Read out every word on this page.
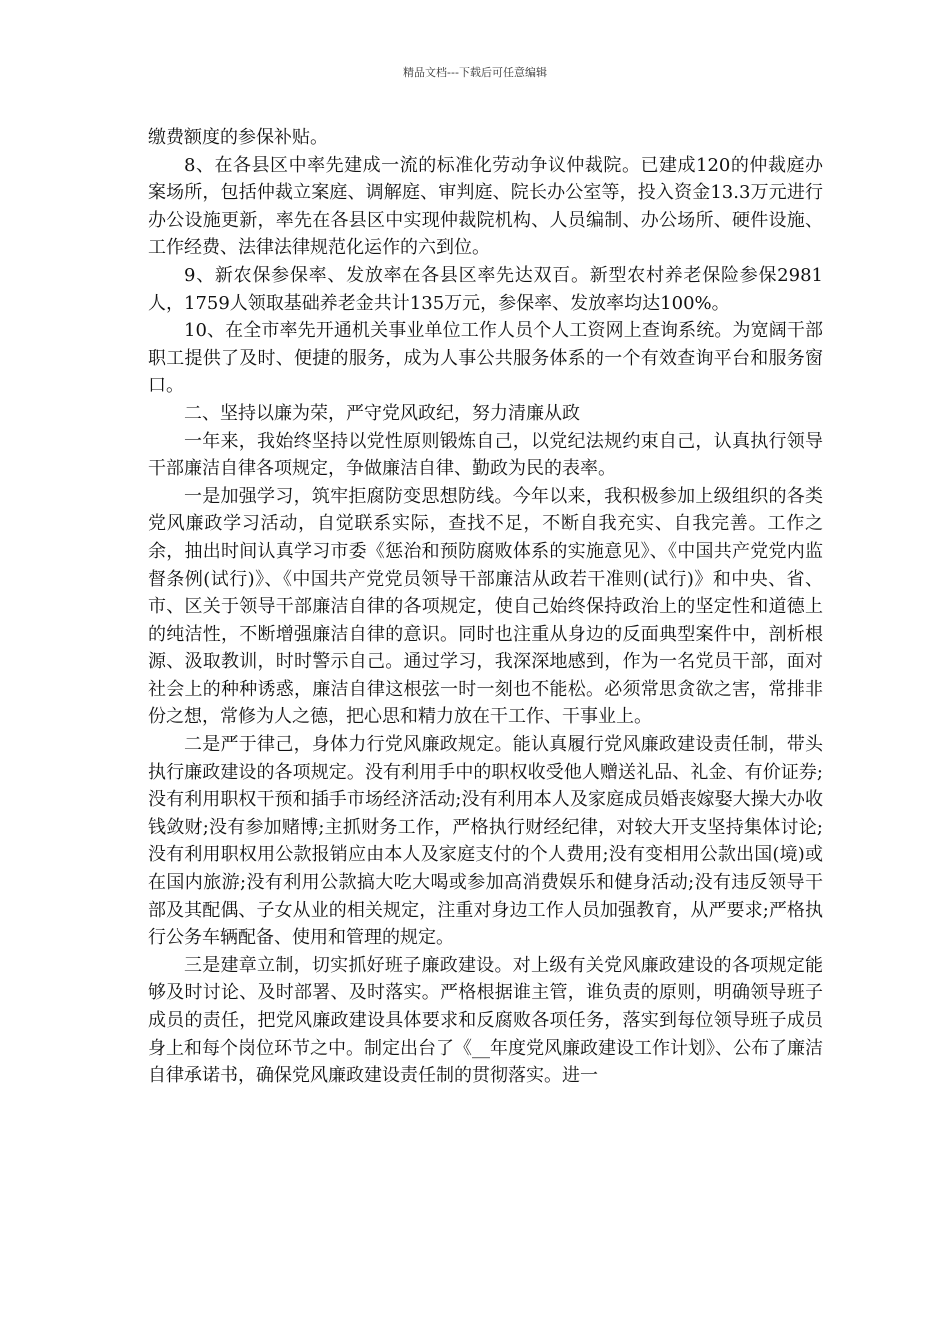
精品文档---下载后可任意编辑

缴费额度的参保补贴。

8、在各县区中率先建成一流的标准化劳动争议仲裁院。已建成120的仲裁庭办案场所，包括仲裁立案庭、调解庭、审判庭、院长办公室等，投入资金13.3万元进行办公设施更新，率先在各县区中实现仲裁院机构、人员编制、办公场所、硬件设施、工作经费、法律法律规范化运作的六到位。

9、新农保参保率、发放率在各县区率先达双百。新型农村养老保险参保2981人，1759人领取基础养老金共计135万元，参保率、发放率均达100%。

10、在全市率先开通机关事业单位工作人员个人工资网上查询系统。为宽阔干部职工提供了及时、便捷的服务，成为人事公共服务体系的一个有效查询平台和服务窗口。

二、坚持以廉为荣，严守党风政纪，努力清廉从政

一年来，我始终坚持以党性原则锻炼自己，以党纪法规约束自己，认真执行领导干部廉洁自律各项规定，争做廉洁自律、勤政为民的表率。

一是加强学习，筑牢拒腐防变思想防线。今年以来，我积极参加上级组织的各类党风廉政学习活动，自觉联系实际，查找不足，不断自我充实、自我完善。工作之余，抽出时间认真学习市委《惩治和预防腐败体系的实施意见》、《中国共产党党内监督条例(试行)》、《中国共产党党员领导干部廉洁从政若干准则(试行)》和中央、省、市、区关于领导干部廉洁自律的各项规定，使自己始终保持政治上的坚定性和道德上的纯洁性，不断增强廉洁自律的意识。同时也注重从身边的反面典型案件中，剖析根源、汲取教训，时时警示自己。通过学习，我深深地感到，作为一名党员干部，面对社会上的种种诱惑，廉洁自律这根弦一时一刻也不能松。必须常思贪欲之害，常排非份之想，常修为人之德，把心思和精力放在干工作、干事业上。

二是严于律己，身体力行党风廉政规定。能认真履行党风廉政建设责任制，带头执行廉政建设的各项规定。没有利用手中的职权收受他人赠送礼品、礼金、有价证券;没有利用职权干预和插手市场经济活动;没有利用本人及家庭成员婚丧嫁娶大操大办收钱敛财;没有参加赌博;主抓财务工作，严格执行财经纪律，对较大开支坚持集体讨论;没有利用职权用公款报销应由本人及家庭支付的个人费用;没有变相用公款出国(境)或在国内旅游;没有利用公款搞大吃大喝或参加高消费娱乐和健身活动;没有违反领导干部及其配偶、子女从业的相关规定，注重对身边工作人员加强教育，从严要求;严格执行公务车辆配备、使用和管理的规定。

三是建章立制，切实抓好班子廉政建设。对上级有关党风廉政建设的各项规定能够及时讨论、及时部署、及时落实。严格根据谁主管，谁负责的原则，明确领导班子成员的责任，把党风廉政建设具体要求和反腐败各项任务，落实到每位领导班子成员身上和每个岗位环节之中。制定出台了《__年度党风廉政建设工作计划》、公布了廉洁自律承诺书，确保党风廉政建设责任制的贯彻落实。进一
